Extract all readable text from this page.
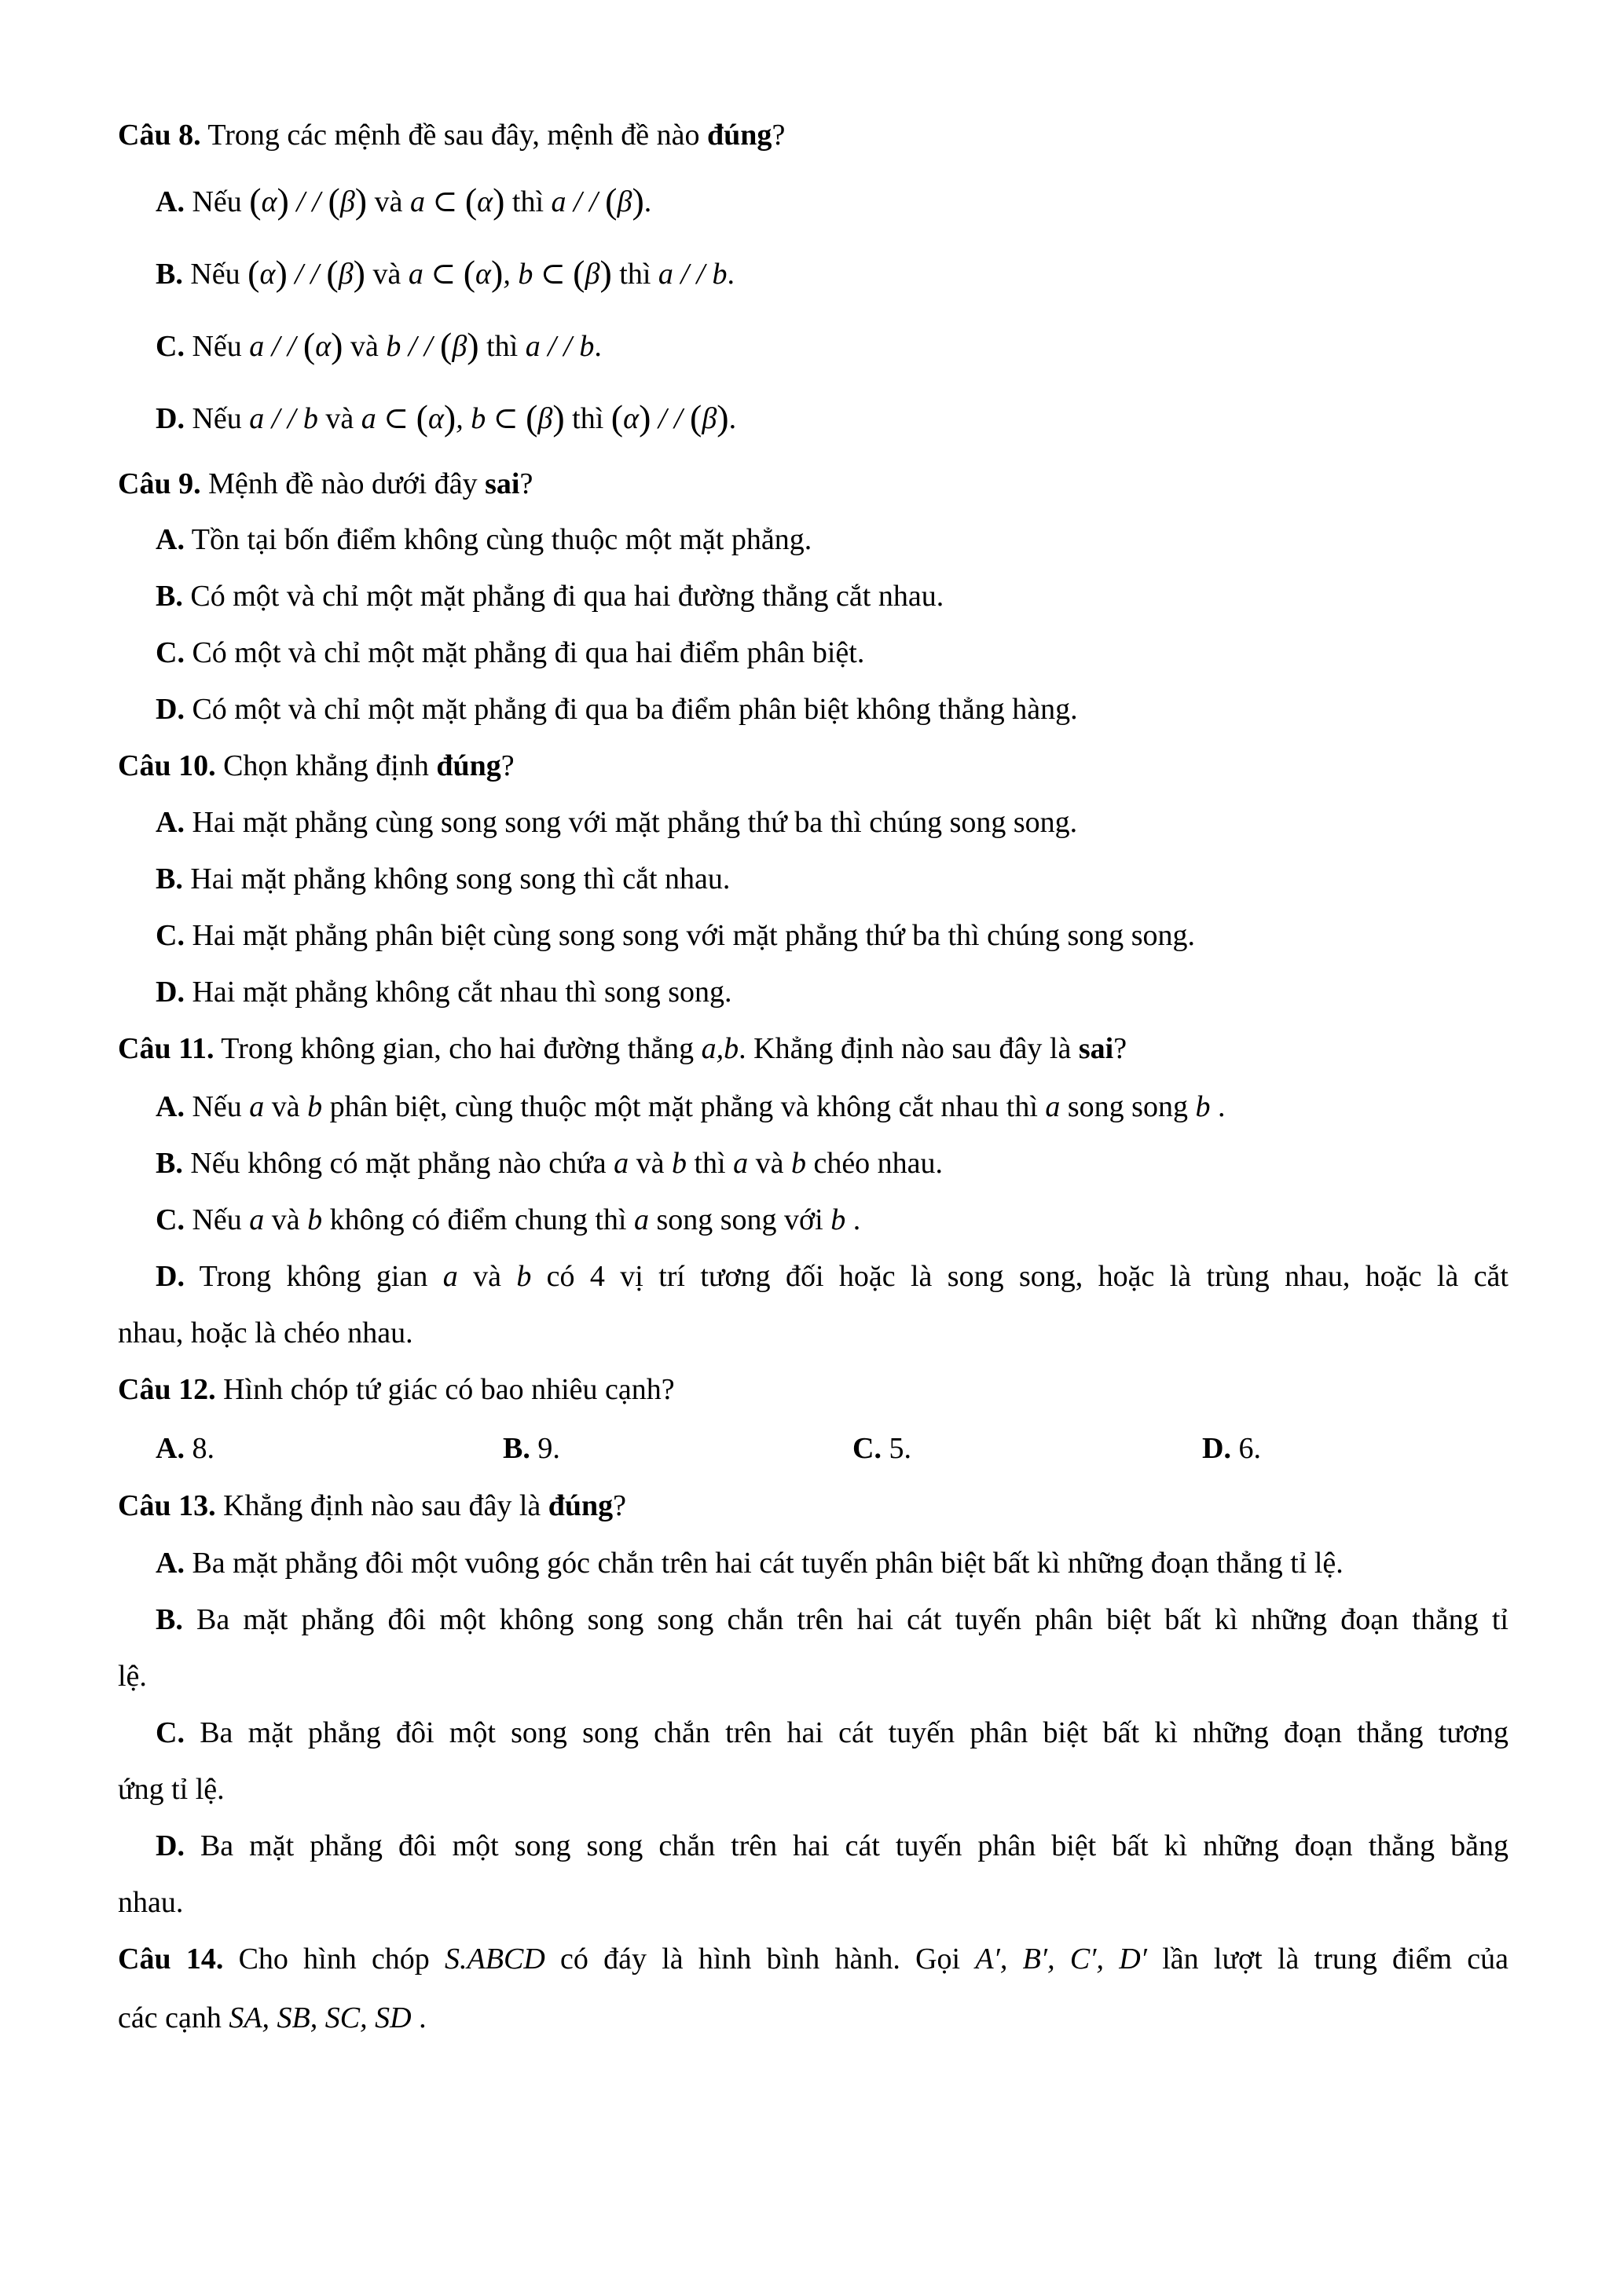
Câu 8. Trong các mệnh đề sau đây, mệnh đề nào đúng?
A. Nếu (α) / / (β) và a ⊂ (α) thì a / / (β).
B. Nếu (α) / / (β) và a ⊂ (α), b ⊂ (β) thì a / / b.
C. Nếu a / / (α) và b / / (β) thì a / / b.
D. Nếu a / / b và a ⊂ (α), b ⊂ (β) thì (α) / / (β).
Câu 9. Mệnh đề nào dưới đây sai?
A. Tồn tại bốn điểm không cùng thuộc một mặt phẳng.
B. Có một và chỉ một mặt phẳng đi qua hai đường thẳng cắt nhau.
C. Có một và chỉ một mặt phẳng đi qua hai điểm phân biệt.
D. Có một và chỉ một mặt phẳng đi qua ba điểm phân biệt không thẳng hàng.
Câu 10. Chọn khẳng định đúng?
A. Hai mặt phẳng cùng song song với mặt phẳng thứ ba thì chúng song song.
B. Hai mặt phẳng không song song thì cắt nhau.
C. Hai mặt phẳng phân biệt cùng song song với mặt phẳng thứ ba thì chúng song song.
D. Hai mặt phẳng không cắt nhau thì song song.
Câu 11. Trong không gian, cho hai đường thẳng a,b. Khẳng định nào sau đây là sai?
A. Nếu a và b phân biệt, cùng thuộc một mặt phẳng và không cắt nhau thì a song song b .
B. Nếu không có mặt phẳng nào chứa a và b thì a và b chéo nhau.
C. Nếu a và b không có điểm chung thì a song song với b .
D. Trong không gian a và b có 4 vị trí tương đối hoặc là song song, hoặc là trùng nhau, hoặc là cắt
nhau, hoặc là chéo nhau.
Câu 12. Hình chóp tứ giác có bao nhiêu cạnh?
A. 8.	B. 9.	C. 5.	D. 6.
Câu 13. Khẳng định nào sau đây là đúng?
A. Ba mặt phẳng đôi một vuông góc chắn trên hai cát tuyến phân biệt bất kì những đoạn thẳng tỉ lệ.
B. Ba mặt phẳng đôi một không song song chắn trên hai cát tuyến phân biệt bất kì những đoạn thẳng tỉ
lệ.
C. Ba mặt phẳng đôi một song song chắn trên hai cát tuyến phân biệt bất kì những đoạn thẳng tương
ứng tỉ lệ.
D. Ba mặt phẳng đôi một song song chắn trên hai cát tuyến phân biệt bất kì những đoạn thẳng bằng
nhau.
Câu 14. Cho hình chóp S.ABCD có đáy là hình bình hành. Gọi A′, B′, C′, D′ lần lượt là trung điểm của
các cạnh SA, SB, SC, SD .
